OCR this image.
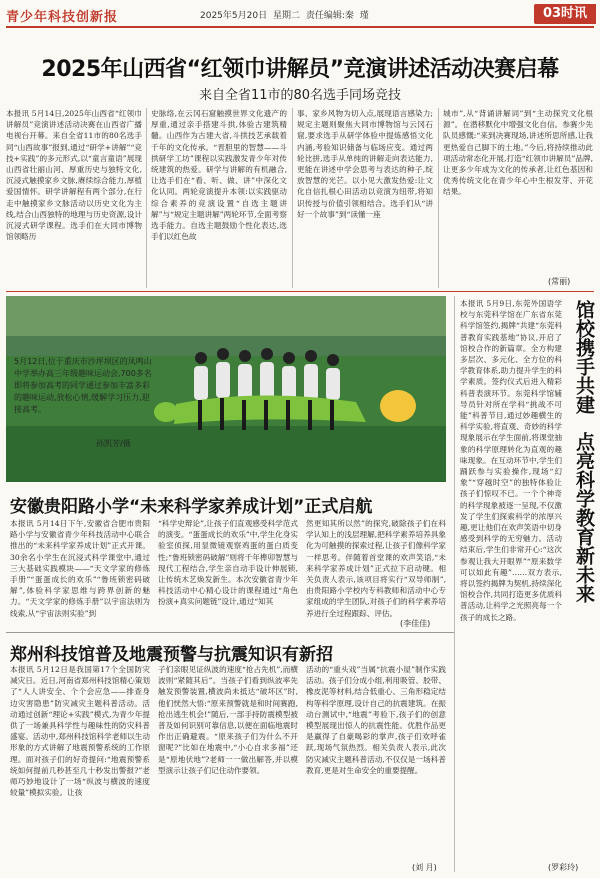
青少年科技创新报	2025年5月20日 星期二 责任编辑:秦 瑾	03时讯
2025年山西省“红领巾讲解员”竞演讲述活动决赛启幕
来自全省11市的80名选手同场竞技
本报讯 5月14日,2025年山西省“红领巾讲解员”竞演讲述活动决赛在山西省广播电视台开幕。来自全省11市的80名选手同“山西故事”报到,通过“研学+讲解”“竞技+实践”的多元形式,以“童言童语”展现山西省壮丽山河、厚重历史与独特文化,沉浸式触摸家乡文脉,赓续综合能力,厚植爱国情怀。研学讲解程有两个部分,在行走中触摸家乡文脉活动以历史文化为主线,结合山西独特的地理与历史资源,设计沉浸式研学课程。选手们在大同市博物馆领略历
史脉络,在云冈石窟触摸世界文化遗产的厚重,通过亲手搭建斗拱,体验古建筑精髓。山西作为古建大省,斗拱技艺承载着千年的文化传承。“晋胆里的智慧——斗拱研学工坊”课程以实践激发青少年对传统建筑的热爱。研学与讲解的有机融合,让选手们在“看、听、做、讲”中深化文化认同。两轮竞演提升本领:以实践驱动综合素养的竞演设置“自选主题讲解”与“规定主题讲解”两轮环节,全面考察选手能力。自选主题鼓励个性化表达,选手们以红色故
事、家乡风物为切入点,展现语言感染力;规定主题则聚焦大同市博物馆与云冈石窟,要求选手从研学体验中提炼感悟文化内涵,考验知识储备与临场应变。通过两轮比拼,选手从单纯的讲解走向表达能力,更能在讲述中学会思考与表达的种子,绽放智慧的光芒。以小见大激发热爱:让文化自信扎根心田活动以竞演为纽带,将知识传授与价值引领相结合。选手们从“讲好一个故事”到“读懂一座
城市”,从“背诵讲解词”到“主动探究文化根源”。在潜移默化中增强文化自信。参赛少先队员感慨:“来到决赛现场,讲述所思所感,让我更热爱自己脚下的土地。”今后,将持续推动此项活动常态化开展,打造“红领巾讲解员”品牌,让更多少年成为文化的传承者,让红色基因和优秀传统文化在青少年心中生根发芽、开花结果。
(常丽)
5月12日,位于重庆市沙坪坝区的凤鸣山中学举办高三年级趣味运动会,700多名即将参加高考的同学通过参加丰富多彩的趣味运动,放松心情,缓解学习压力,迎接高考。
孙凯芳/摄
安徽贵阳路小学“未来科学家养成计划”正式启航
本报讯 5月14日下午,安徽省合肥市贵阳路小学与安徽省青少年科技活动中心联合推出的“未来科学家养成计划”正式开课。30余名小学生在沉浸式科学课堂中,通过三大基础实践模块——“天文学家的修炼手册”“蛋蛋成长的欢乐”“鲁班锁密码破解”,体验科学家思维与跨界创新的魅力。“天文学家的修炼手册”以宇宙法则为线索,从“宇宙法则实验”到
“科学史辩论”,让孩子们直观感受科学范式的演变。“蛋蛋成长的欢乐”中,学生化身实验室侦探,用显微镜观察鸡蛋的蛋白质变性;“鲁班锁密码破解”则将千年榫卯智慧与现代工程结合,学生亲自动手设计伸展锁,让传统木艺焕发新生。本次安徽省青少年科技活动中心精心设计的课程通过“角色扮演+真实问题链”设计,通过“知其
然更知其所以然”的探究,破除孩子们在科学认知上的浅层理解,把科学素养培养具象化为可触摸的探索过程,让孩子们像科学家一样思考。伴随着首堂课的欢声笑语,“未来科学家养成计划”正式拉下启动键。相关负责人表示,该项目将实行“双导师制”,由贵阳路小学校内专科教师和活动中心专家组成的学生团队,对孩子们的科学素养培养进行全过程跟踪、评估。
(李佳佳)
郑州科技馆普及地震预警与抗震知识有新招
本报讯 5月12日是我国第17个全国防灾减灾日。近日,河南省郑州科技馆精心策划了“人人讲安全、个个会应急——排查身边灾害隐患”防灾减灾主题科普活动。活动通过创新“理论+实践”模式,为青少年提供了一场兼具科学性与趣味性的防灾科普盛宴。活动中,郑州科技馆科学老师以生动形象的方式讲解了地震预警系统的工作原理。面对孩子们的好奇提问:“地震预警系统如何提前几秒甚至几十秒发出警报?”老师巧妙地设计了一场“纵波与横波的速度较量”模拟实验。让孩
子们亲眼见证纵波的速度“抢占先机”,而横波则“紧随其后”。当孩子们看到纵波率先触发预警装置,横波尚未抵达“破坏区”时,他们恍然大悟:“原来预警就是和时间赛跑,抢出逃生机会!”随后,一部手持防震模型被普及如何识别可靠信息,以便在面临地震时作出正确避震。“原来孩子们为什么不开窗呢?”比如在地震中,“小心自求多福”还是“原地伏地”?老师一一做出解答,并以模型演示让孩子们记住动作要领。
活动的“重头戏”当属“抗震小屋”制作实践活动。孩子们分成小组,利用吸管、胶带、橡皮泥等材料,结合低重心、三角形稳定结构等科学原理,设计自己的抗震建筑。在振动台测试中,“地震”考验下,孩子们的创意模型展现出惊人的抗震性能。优胜作品更是赢得了自豪喝彩的掌声,孩子们欢呼雀跃,现场气氛热烈。相关负责人表示,此次防灾减灾主题科普活动,不仅仅是一场科普教育,更是对生命安全的重要提醒。
(刘 月)
馆校携手共建
点亮科学教育新未来
本报讯 5月9日,东莞外国语学校与东莞科学馆在广东省东莞科学馆签约,揭牌“共建“东莞科普教育实践基地”协议,开启了馆校合作的新篇章。全方构建多层次、多元化、全方位的科学教育体系,助力提升学生的科学素质。签约仪式后进入精彩科普表演环节。东莞科学馆辅导员针对所在学科“挑战不可能”科普节目,通过妙趣横生的科学实验,将直观、奇妙的科学现象展示在学生面前,将课堂抽象的科学原理转化为直观的趣味现象。在互动环节中,学生们踊跃参与实验操作,现场“幻象”“穿越时空”的独特体验让孩子们惊叹不已。一个个神奇的科学现象被逐一呈现,不仅激发了学生们探索科学的浓厚兴趣,更让他们在欢声笑语中切身感受到科学的无穷魅力。活动结束后,学生们非常开心:“这次参观让我大开眼界”“原来数学可以如此有趣”……双方表示,将以签约揭牌为契机,持续深化馆校合作,共同打造更多优质科普活动,让科学之光照亮每一个孩子的成长之路。
(罗彩玲)
